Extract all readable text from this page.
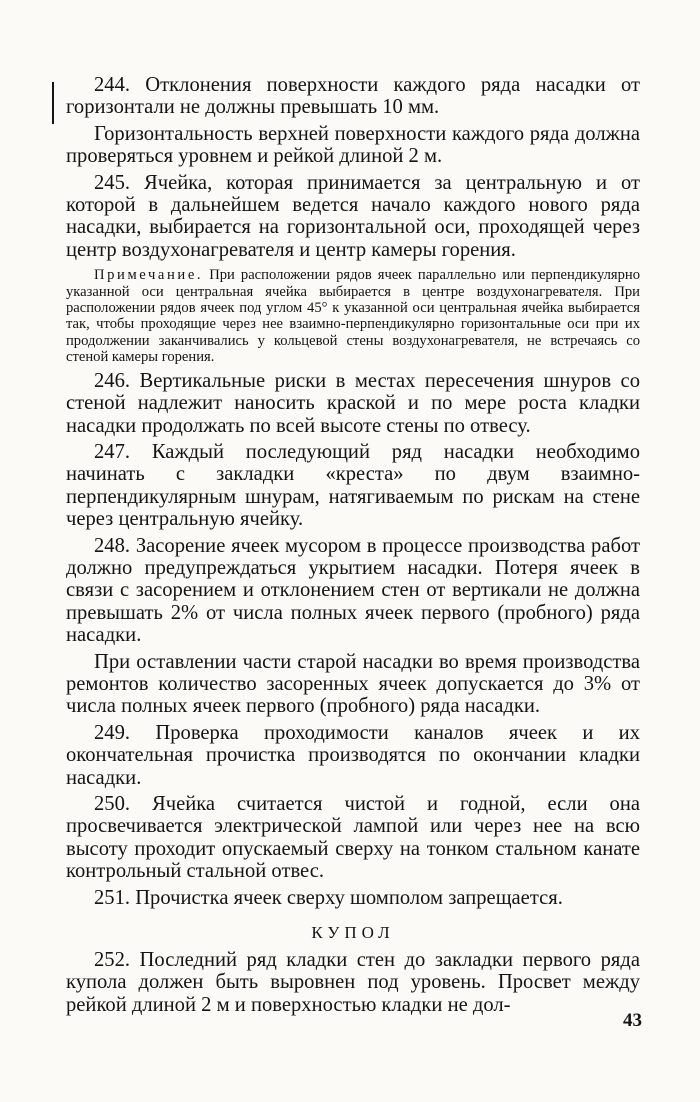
244. Отклонения поверхности каждого ряда насадки от горизонтали не должны превышать 10 мм.

Горизонтальность верхней поверхности каждого ряда должна проверяться уровнем и рейкой длиной 2 м.

245. Ячейка, которая принимается за центральную и от которой в дальнейшем ведется начало каждого нового ряда насадки, выбирается на горизонтальной оси, проходящей через центр воздухонагревателя и центр камеры горения.

Примечание. При расположении рядов ячеек параллельно или перпендикулярно указанной оси центральная ячейка выбирается в центре воздухонагревателя. При расположении рядов ячеек под углом 45° к указанной оси центральная ячейка выбирается так, чтобы проходящие через нее взаимно-перпендикулярно горизонтальные оси при их продолжении заканчивались у кольцевой стены воздухонагревателя, не встречаясь со стеной камеры горения.

246. Вертикальные риски в местах пересечения шнуров со стеной надлежит наносить краской и по мере роста кладки насадки продолжать по всей высоте стены по отвесу.

247. Каждый последующий ряд насадки необходимо начинать с закладки «креста» по двум взаимно-перпендикулярным шнурам, натягиваемым по рискам на стене через центральную ячейку.

248. Засорение ячеек мусором в процессе производства работ должно предупреждаться укрытием насадки. Потеря ячеек в связи с засорением и отклонением стен от вертикали не должна превышать 2% от числа полных ячеек первого (пробного) ряда насадки.

При оставлении части старой насадки во время производства ремонтов количество засоренных ячеек допускается до 3% от числа полных ячеек первого (пробного) ряда насадки.

249. Проверка проходимости каналов ячеек и их окончательная прочистка производятся по окончании кладки насадки.

250. Ячейка считается чистой и годной, если она просвечивается электрической лампой или через нее на всю высоту проходит опускаемый сверху на тонком стальном канате контрольный стальной отвес.

251. Прочистка ячеек сверху шомполом запрещается.

КУПОЛ

252. Последний ряд кладки стен до закладки первого ряда купола должен быть выровнен под уровень. Просвет между рейкой длиной 2 м и поверхностью кладки не дол-

43
